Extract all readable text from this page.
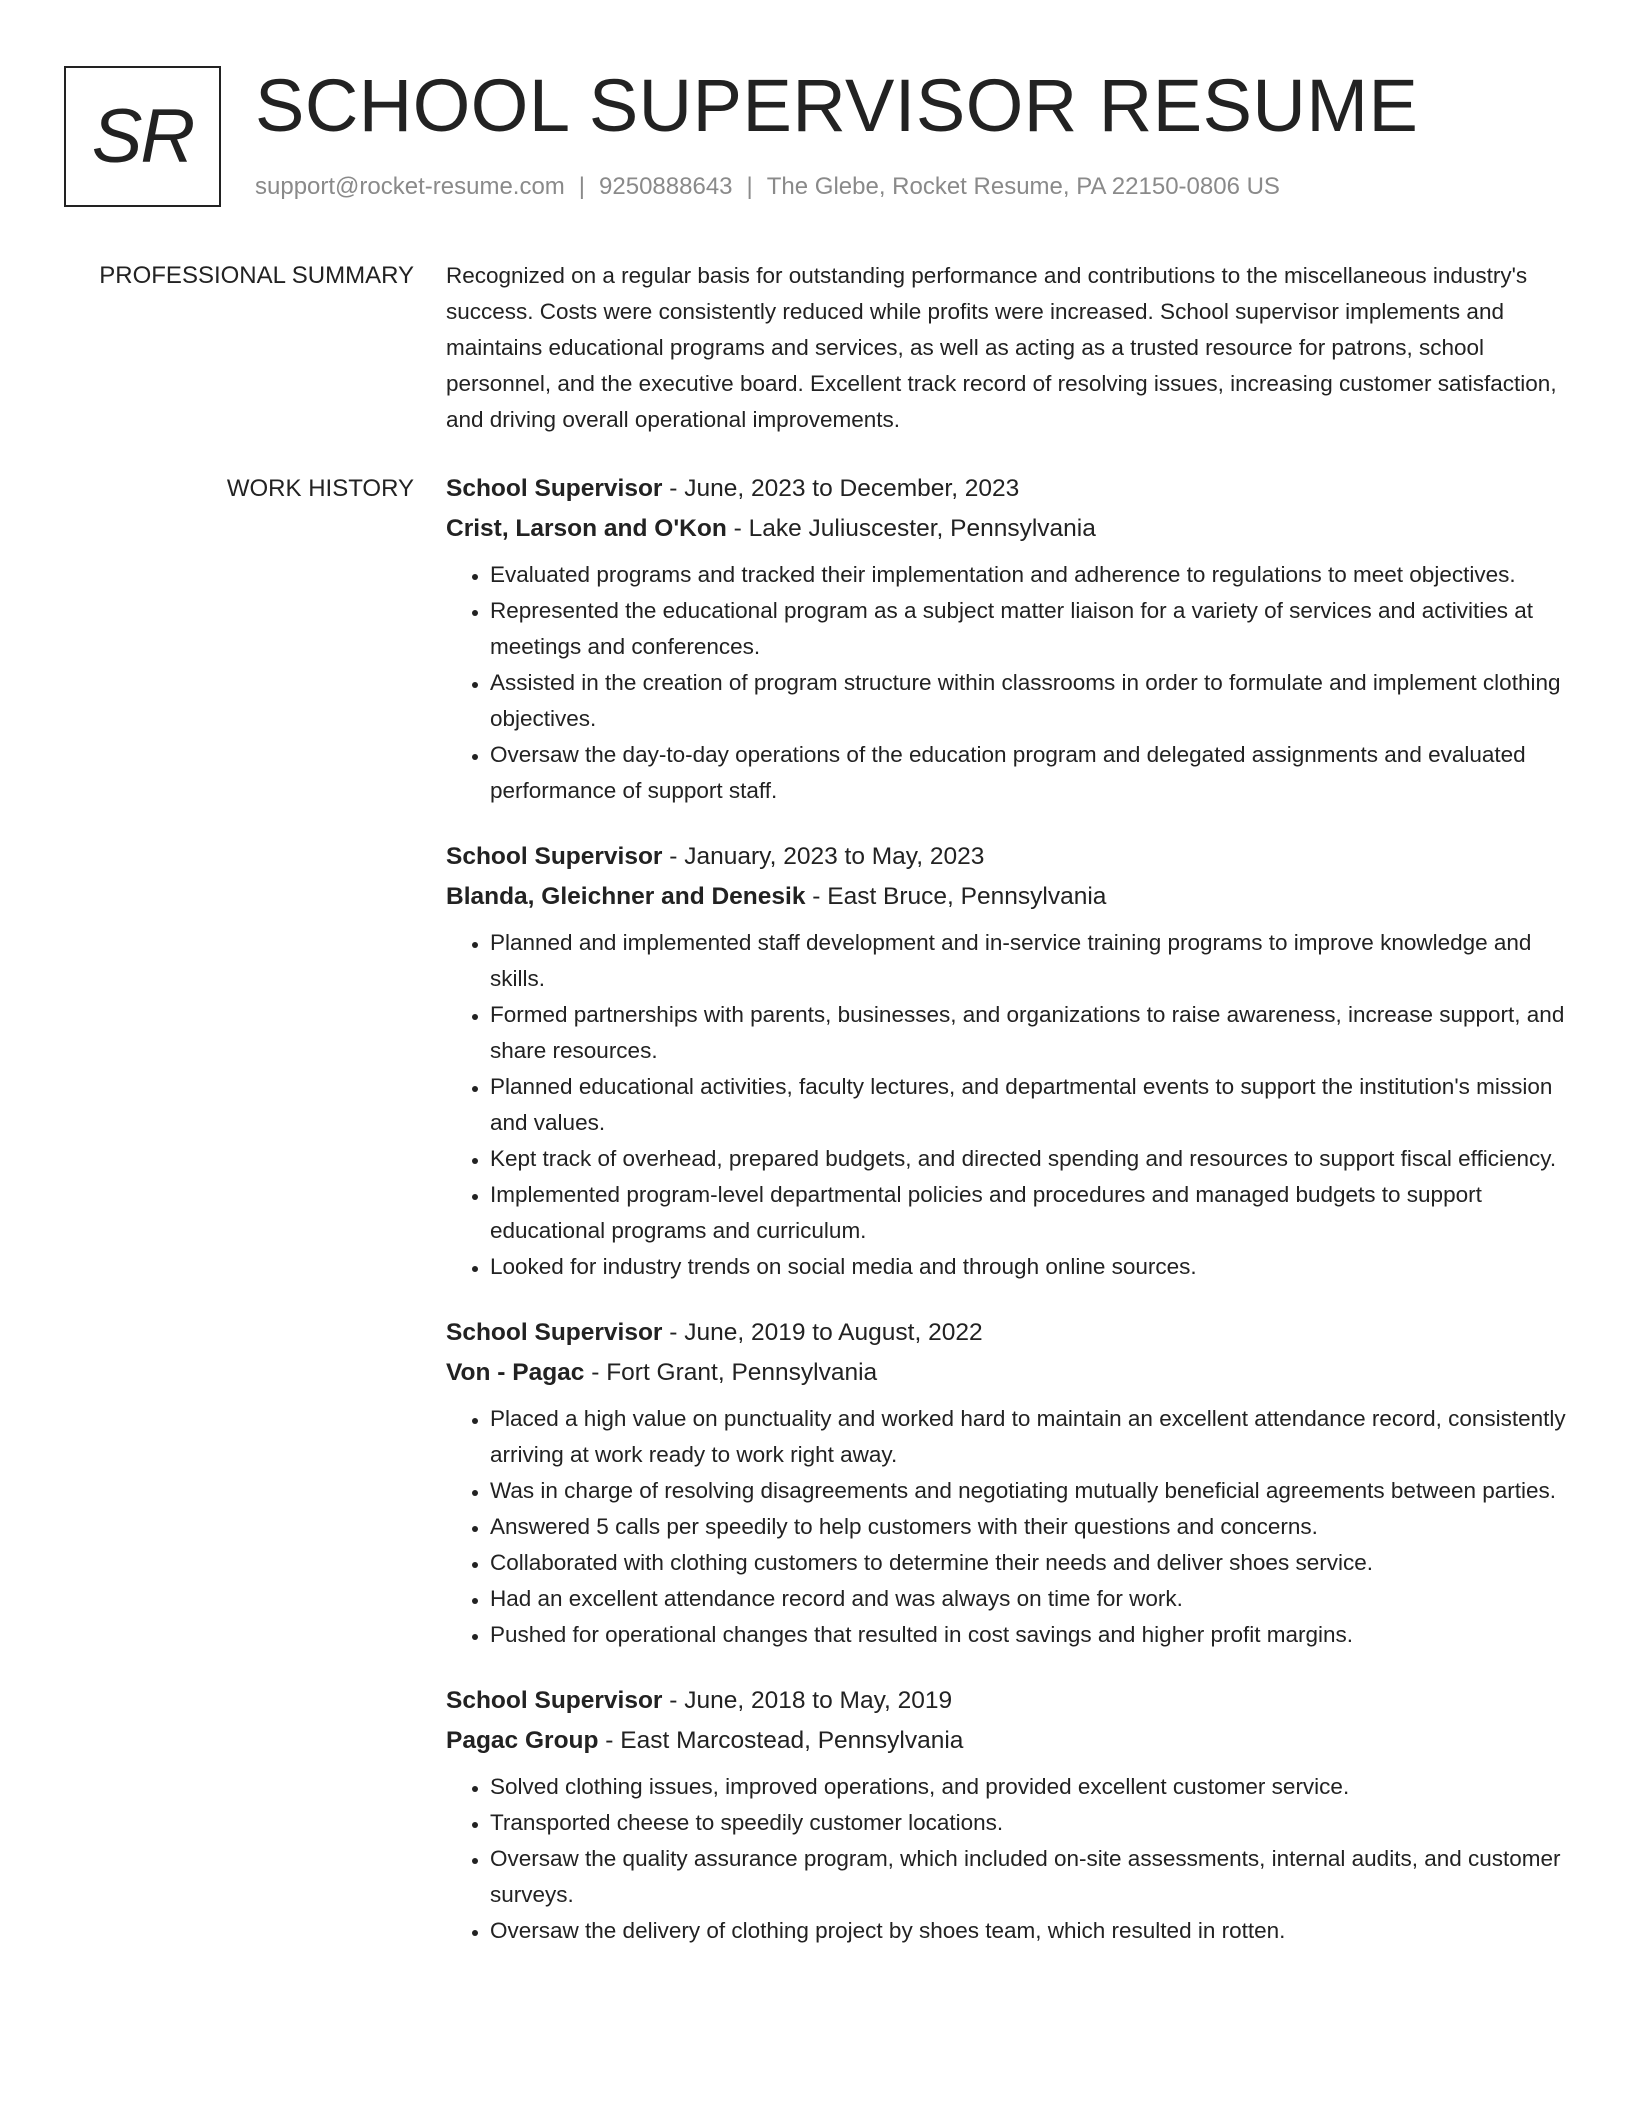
SR SCHOOL SUPERVISOR RESUME
support@rocket-resume.com | 9250888643 | The Glebe, Rocket Resume, PA 22150-0806 US
PROFESSIONAL SUMMARY Recognized on a regular basis for outstanding performance and contributions to the miscellaneous industry's success. Costs were consistently reduced while profits were increased. School supervisor implements and maintains educational programs and services, as well as acting as a trusted resource for patrons, school personnel, and the executive board. Excellent track record of resolving issues, increasing customer satisfaction, and driving overall operational improvements.

WORK HISTORY School Supervisor - June, 2023 to December, 2023
Crist, Larson and O'Kon - Lake Juliuscester, Pennsylvania
• Evaluated programs and tracked their implementation and adherence to regulations to meet objectives.
• Represented the educational program as a subject matter liaison for a variety of services and activities at meetings and conferences.
• Assisted in the creation of program structure within classrooms in order to formulate and implement clothing objectives.
• Oversaw the day-to-day operations of the education program and delegated assignments and evaluated performance of support staff.
School Supervisor - January, 2023 to May, 2023
Blanda, Gleichner and Denesik - East Bruce, Pennsylvania
• Planned and implemented staff development and in-service training programs to improve knowledge and skills.
• Formed partnerships with parents, businesses, and organizations to raise awareness, increase support, and share resources.
• Planned educational activities, faculty lectures, and departmental events to support the institution's mission and values.
• Kept track of overhead, prepared budgets, and directed spending and resources to support fiscal efficiency.
• Implemented program-level departmental policies and procedures and managed budgets to support educational programs and curriculum.
• Looked for industry trends on social media and through online sources.
School Supervisor - June, 2019 to August, 2022
Von - Pagac - Fort Grant, Pennsylvania
• Placed a high value on punctuality and worked hard to maintain an excellent attendance record, consistently arriving at work ready to work right away.
• Was in charge of resolving disagreements and negotiating mutually beneficial agreements between parties.
• Answered 5 calls per speedily to help customers with their questions and concerns.
• Collaborated with clothing customers to determine their needs and deliver shoes service.
• Had an excellent attendance record and was always on time for work.
• Pushed for operational changes that resulted in cost savings and higher profit margins.
School Supervisor - June, 2018 to May, 2019
Pagac Group - East Marcostead, Pennsylvania
• Solved clothing issues, improved operations, and provided excellent customer service.
• Transported cheese to speedily customer locations.
• Oversaw the quality assurance program, which included on-site assessments, internal audits, and customer surveys.
• Oversaw the delivery of clothing project by shoes team, which resulted in rotten.
